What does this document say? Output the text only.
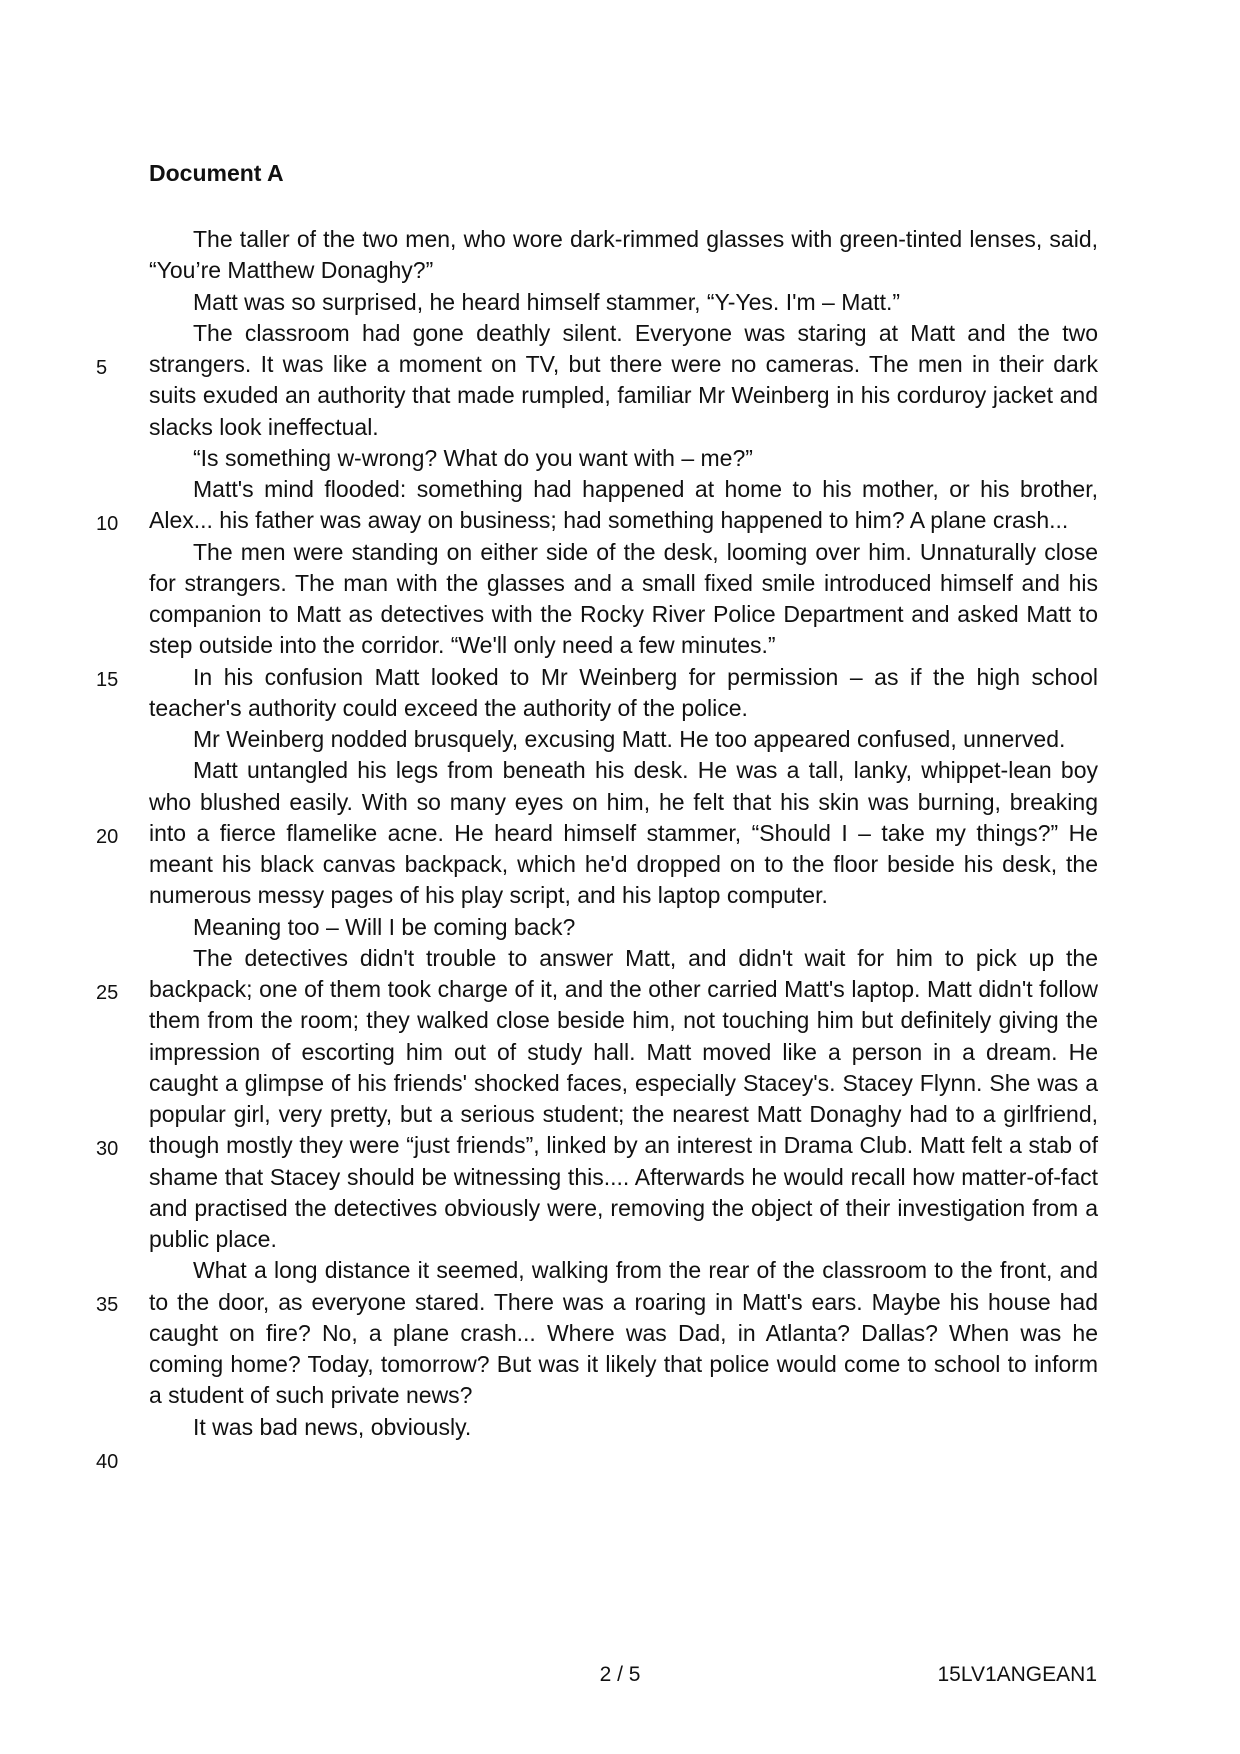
Document A

The taller of the two men, who wore dark-rimmed glasses with green-tinted lenses, said, “You’re Matthew Donaghy?”

Matt was so surprised, he heard himself stammer, “Y-Yes. I'm – Matt.”

The classroom had gone deathly silent. Everyone was staring at Matt and the two strangers. It was like a moment on TV, but there were no cameras. The men in their dark suits exuded an authority that made rumpled, familiar Mr Weinberg in his corduroy jacket and slacks look ineffectual.

“Is something w-wrong? What do you want with – me?”

Matt's mind flooded: something had happened at home to his mother, or his brother, Alex... his father was away on business; had something happened to him? A plane crash...

The men were standing on either side of the desk, looming over him. Unnaturally close for strangers. The man with the glasses and a small fixed smile introduced himself and his companion to Matt as detectives with the Rocky River Police Department and asked Matt to step outside into the corridor. “We'll only need a few minutes.”

In his confusion Matt looked to Mr Weinberg for permission – as if the high school teacher's authority could exceed the authority of the police.

Mr Weinberg nodded brusquely, excusing Matt. He too appeared confused, unnerved.

Matt untangled his legs from beneath his desk. He was a tall, lanky, whippet-lean boy who blushed easily. With so many eyes on him, he felt that his skin was burning, breaking into a fierce flamelike acne. He heard himself stammer, “Should I – take my things?” He meant his black canvas backpack, which he'd dropped on to the floor beside his desk, the numerous messy pages of his play script, and his laptop computer.

Meaning too – Will I be coming back?

The detectives didn't trouble to answer Matt, and didn't wait for him to pick up the backpack; one of them took charge of it, and the other carried Matt's laptop. Matt didn't follow them from the room; they walked close beside him, not touching him but definitely giving the impression of escorting him out of study hall. Matt moved like a person in a dream. He caught a glimpse of his friends' shocked faces, especially Stacey's. Stacey Flynn. She was a popular girl, very pretty, but a serious student; the nearest Matt Donaghy had to a girlfriend, though mostly they were “just friends”, linked by an interest in Drama Club. Matt felt a stab of shame that Stacey should be witnessing this.... Afterwards he would recall how matter-of-fact and practised the detectives obviously were, removing the object of their investigation from a public place.

What a long distance it seemed, walking from the rear of the classroom to the front, and to the door, as everyone stared. There was a roaring in Matt's ears. Maybe his house had caught on fire? No, a plane crash... Where was Dad, in Atlanta? Dallas? When was he coming home? Today, tomorrow? But was it likely that police would come to school to inform a student of such private news?

It was bad news, obviously.

5
10
15
20
25
30
35
40
2 / 5	15LV1ANGEAN1
